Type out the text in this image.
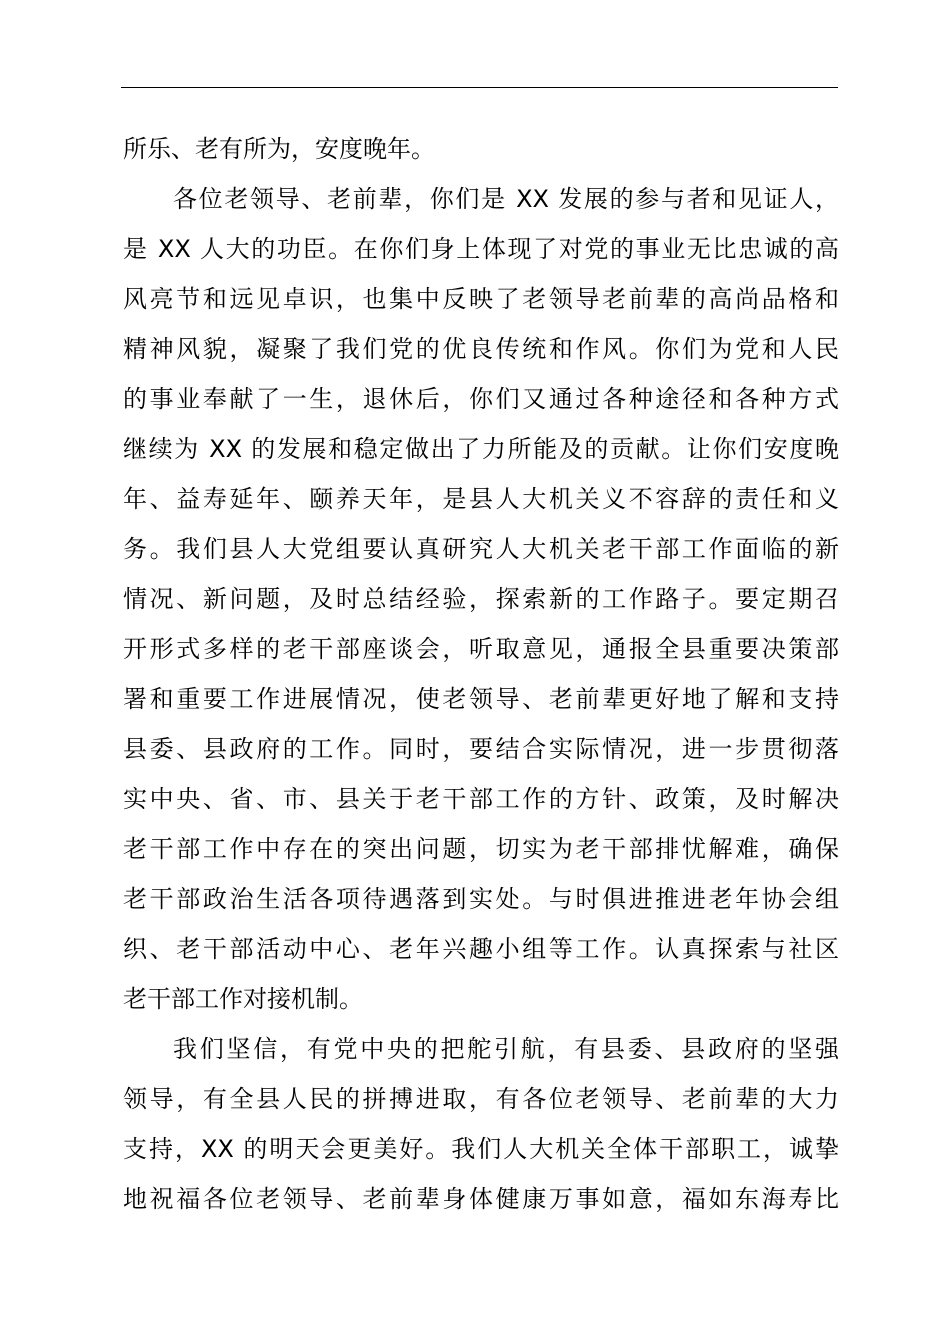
所乐、老有所为，安度晚年。
各位老领导、老前辈，你们是 XX 发展的参与者和见证人，
是 XX 人大的功臣。在你们身上体现了对党的事业无比忠诚的高
风亮节和远见卓识，也集中反映了老领导老前辈的高尚品格和
精神风貌，凝聚了我们党的优良传统和作风。你们为党和人民
的事业奉献了一生，退休后，你们又通过各种途径和各种方式
继续为 XX 的发展和稳定做出了力所能及的贡献。让你们安度晚
年、益寿延年、颐养天年，是县人大机关义不容辞的责任和义
务。我们县人大党组要认真研究人大机关老干部工作面临的新
情况、新问题，及时总结经验，探索新的工作路子。要定期召
开形式多样的老干部座谈会，听取意见，通报全县重要决策部
署和重要工作进展情况，使老领导、老前辈更好地了解和支持
县委、县政府的工作。同时，要结合实际情况，进一步贯彻落
实中央、省、市、县关于老干部工作的方针、政策，及时解决
老干部工作中存在的突出问题，切实为老干部排忧解难，确保
老干部政治生活各项待遇落到实处。与时俱进推进老年协会组
织、老干部活动中心、老年兴趣小组等工作。认真探索与社区
老干部工作对接机制。
我们坚信，有党中央的把舵引航，有县委、县政府的坚强
领导，有全县人民的拼搏进取，有各位老领导、老前辈的大力
支持，XX 的明天会更美好。我们人大机关全体干部职工，诚挚
地祝福各位老领导、老前辈身体健康万事如意，福如东海寿比
